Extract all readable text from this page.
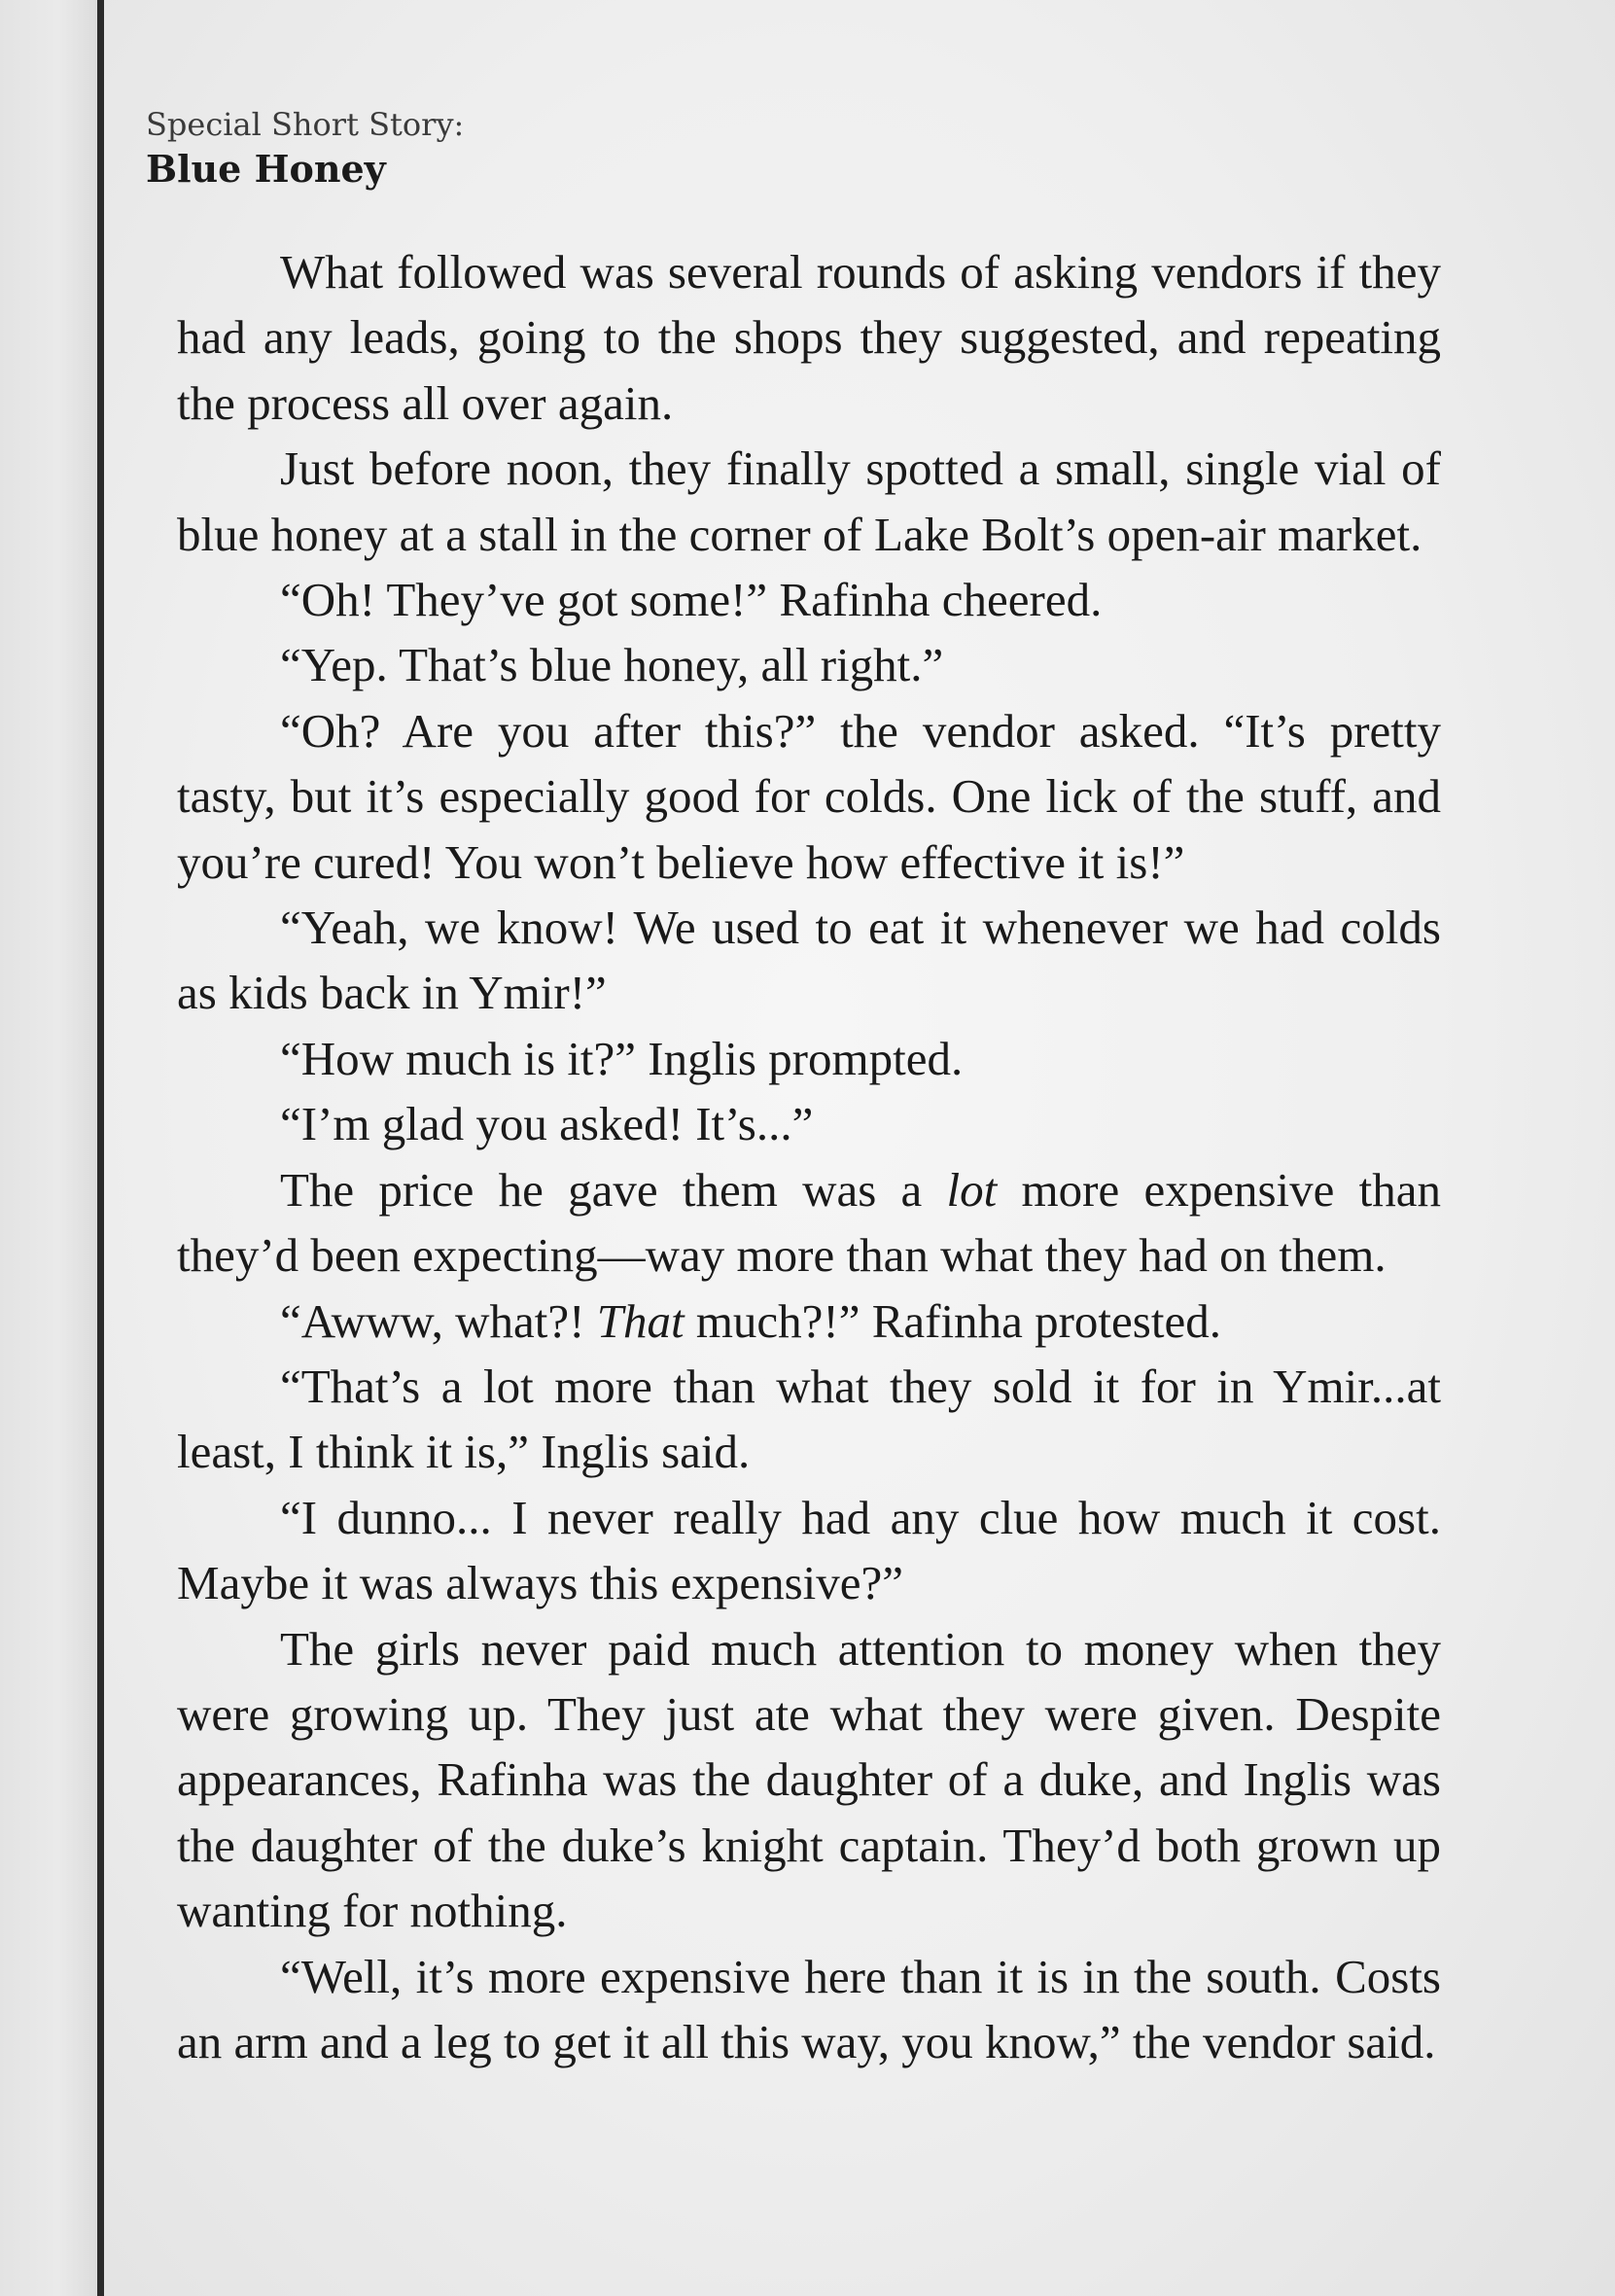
Special Short Story:
Blue Honey

What followed was several rounds of asking vendors if they had any leads, going to the shops they suggested, and repeating the process all over again.

Just before noon, they finally spotted a small, single vial of blue honey at a stall in the corner of Lake Bolt’s open-air market.

“Oh! They’ve got some!” Rafinha cheered.

“Yep. That’s blue honey, all right.”

“Oh? Are you after this?” the vendor asked. “It’s pretty tasty, but it’s especially good for colds. One lick of the stuff, and you’re cured! You won’t believe how effective it is!”

“Yeah, we know! We used to eat it whenever we had colds as kids back in Ymir!”

“How much is it?” Inglis prompted.

“I’m glad you asked! It’s...”

The price he gave them was a lot more expensive than they’d been expecting—way more than what they had on them.

“Awww, what?! That much?!” Rafinha protested.

“That’s a lot more than what they sold it for in Ymir...at least, I think it is,” Inglis said.

“I dunno... I never really had any clue how much it cost. Maybe it was always this expensive?”

The girls never paid much attention to money when they were growing up. They just ate what they were given. Despite appearances, Rafinha was the daughter of a duke, and Inglis was the daughter of the duke’s knight captain. They’d both grown up wanting for nothing.

“Well, it’s more expensive here than it is in the south. Costs an arm and a leg to get it all this way, you know,” the vendor said.
